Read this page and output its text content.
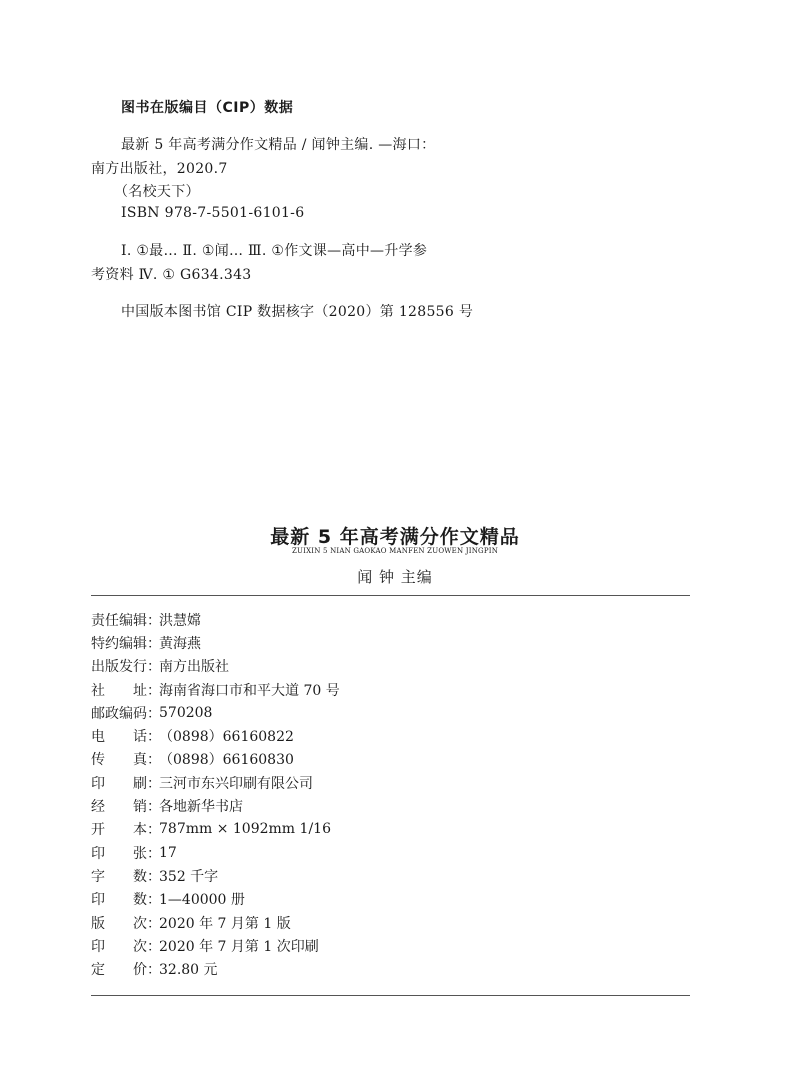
图书在版编目（CIP）数据
最新 5 年高考满分作文精品 / 闻钟主编. —海口：
南方出版社，2020.7
（名校天下）
ISBN 978-7-5501-6101-6
Ⅰ. ①最… Ⅱ. ①闻… Ⅲ. ①作文课—高中—升学参
考资料 Ⅳ. ① G634.343
中国版本图书馆 CIP 数据核字（2020）第 128556 号
最新 5 年高考满分作文精品
ZUIXIN 5 NIAN GAOKAO MANFEN ZUOWEN JINGPIN
闻 钟 主编
责任编辑 ：
洪慧嫦
特约编辑 ：
黄海燕
出版发行 ：
南方出版社
社址 ：
海南省海口市和平大道 70 号
邮政编码 ：
570208
电话 ：
（0898）66160822
传真 ：
（0898）66160830
印刷 ：
三河市东兴印刷有限公司
经销 ：
各地新华书店
开本 ：
787mm × 1092mm 1/16
印张 ：
17
字数 ：
352 千字
印数 ：
1—40000 册
版次 ：
2020 年 7 月第 1 版
印次 ：
2020 年 7 月第 1 次印刷
定价 ：
32.80 元
